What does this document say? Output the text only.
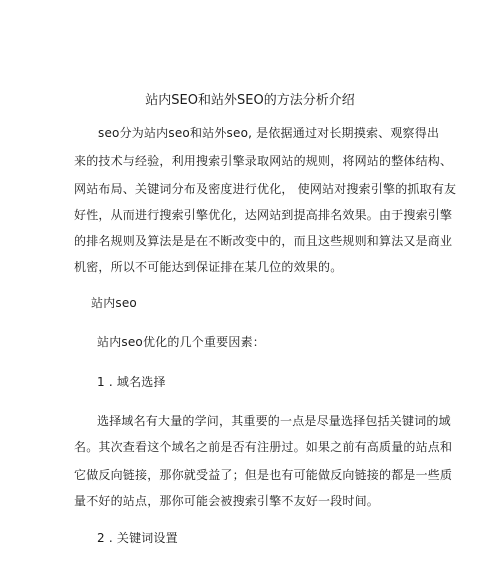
站内SEO和站外SEO的方法分析介绍
seo分为站内seo和站外seo, 是依据通过对长期摸索、观察得出
来的技术与经验，利用搜索引擎录取网站的规则，将网站的整体结构、
网站布局、关键词分布及密度进行优化， 使网站对搜索引擎的抓取有友
好性，从而进行搜索引擎优化，达网站到提高排名效果。由于搜索引擎
的排名规则及算法是是在不断改变中的，而且这些规则和算法又是商业
机密，所以不可能达到保证排在某几位的效果的。
站内seo
站内seo优化的几个重要因素：
1 . 域名选择
选择域名有大量的学问，其重要的一点是尽量选择包括关键词的域
名。其次查看这个域名之前是否有注册过。如果之前有高质量的站点和
它做反向链接，那你就受益了；但是也有可能做反向链接的都是一些质
量不好的站点，那你可能会被搜索引擎不友好一段时间。
2 . 关键词设置
